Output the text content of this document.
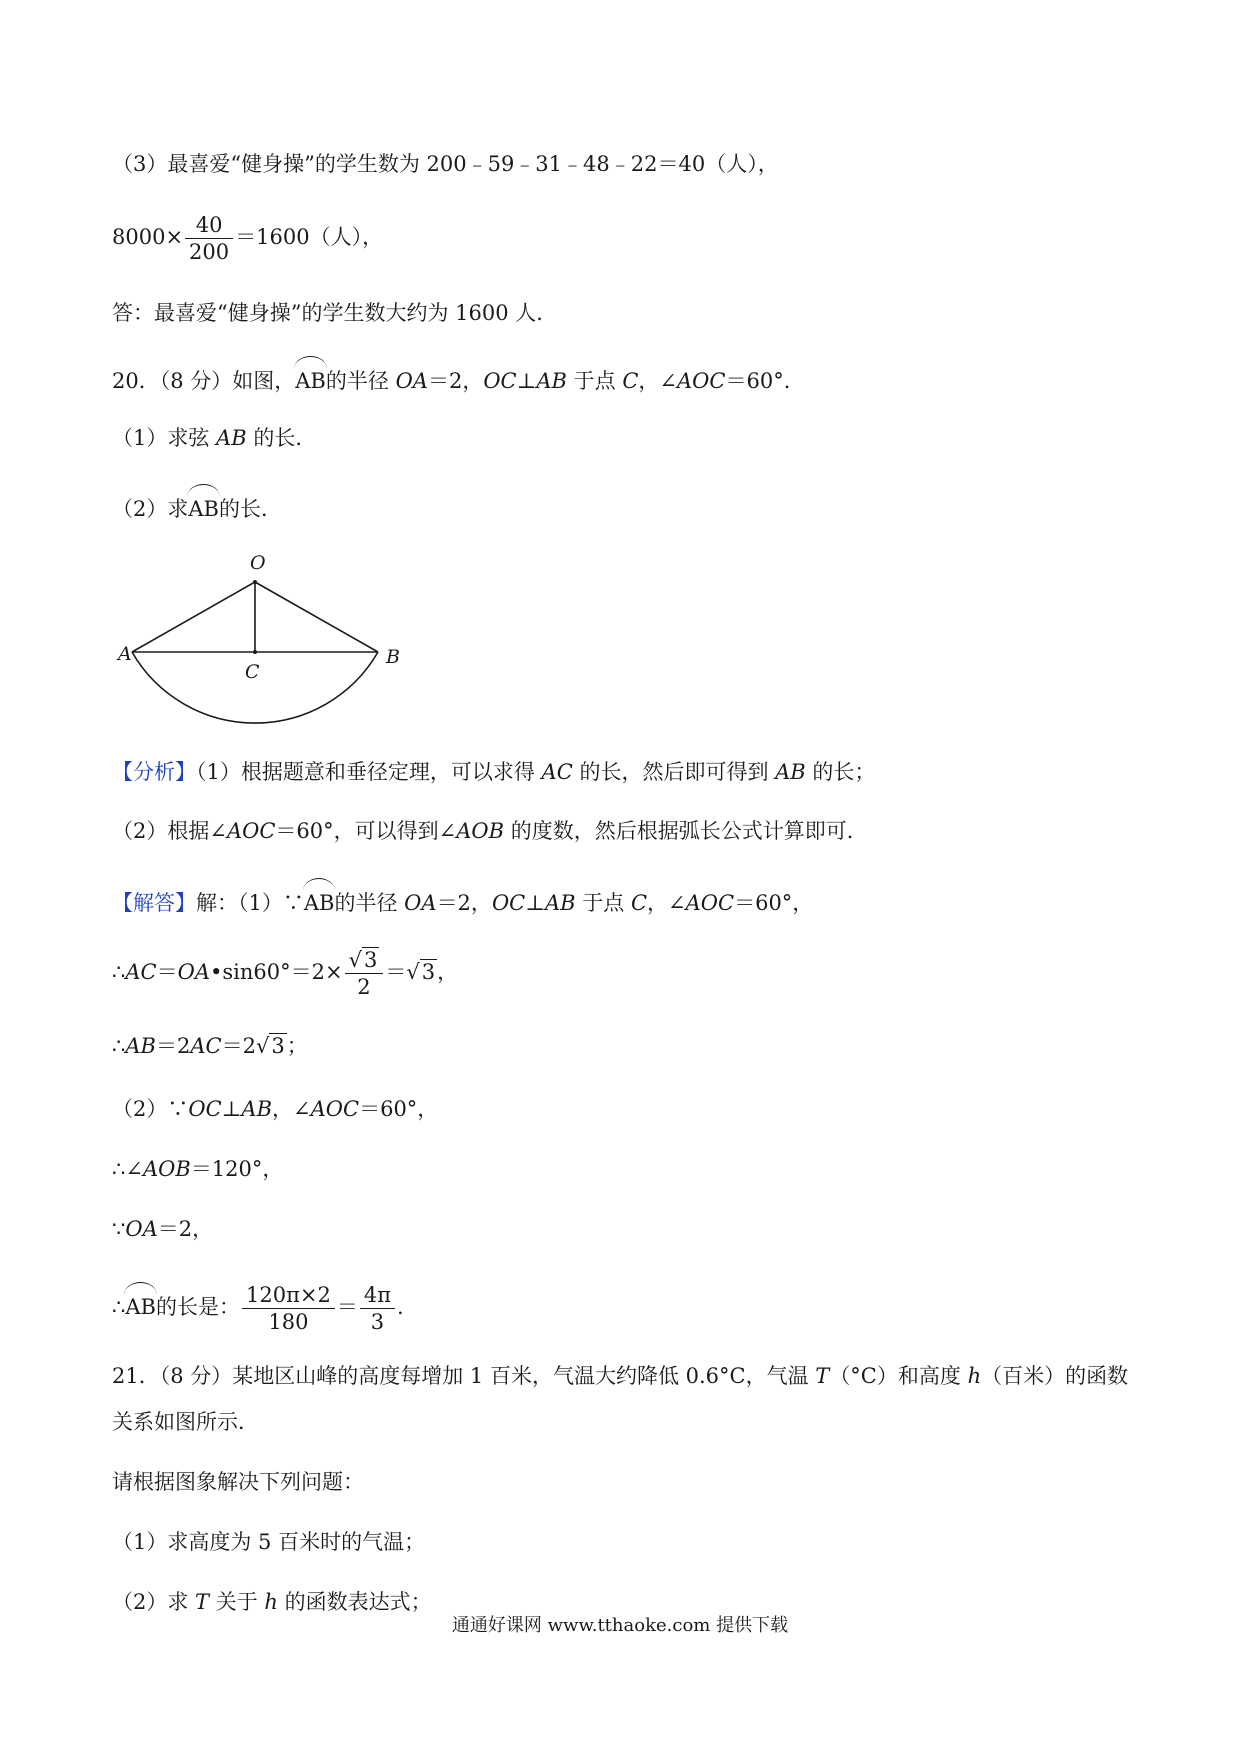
（3）最喜爱“健身操”的学生数为 200﹣59﹣31﹣48﹣22＝40（人），
$8000\times \frac{40}{200} =1600$（人），
答：最喜爱“健身操”的学生数大约为 1600 人．
20．（8 分）如图，AB的半径 OA＝2，OC⊥AB 于点 C，∠AOC＝60°．
（1）求弦 AB 的长．
（2）求AB的长．
O
A	B
C
【分析】（1）根据题意和垂径定理，可以求得 AC 的长，然后即可得到 AB 的长；
（2）根据∠AOC＝60°，可以得到∠AOB 的度数，然后根据弧长公式计算即可．
【解答】解：（1）∵AB的半径 OA＝2，OC⊥AB 于点 C，∠AOC＝60°，
∴AC＝OA•sin60°＝2× $\frac{√3}{2} =√3$，
∴AB＝2AC＝2√3；
（2）∵OC⊥AB，∠AOC＝60°，
∴∠AOB＝120°，
∵OA＝2，
∴AB的长是： $\frac{120\pi\times 2}{180} = \frac{4\pi}{3}$ .
21．（8 分）某地区山峰的高度每增加 1 百米，气温大约降低 0.6°C，气温 T（°C）和高度 h（百米）的函数
关系如图所示．
请根据图象解决下列问题：
（1）求高度为 5 百米时的气温；
（2）求 T 关于 h 的函数表达式；
通通好课网 www.tthaoke.com 提供下载
